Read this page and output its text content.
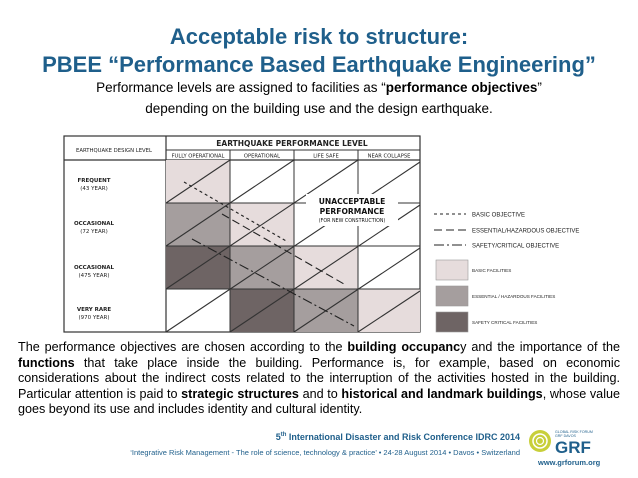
Acceptable risk to structure:
PBEE “Performance Based Earthquake Engineering”
Performance levels are assigned to facilities as “performance objectives”
depending on the building use and the design earthquake.
EARTHQUAKE PERFORMANCE LEVEL
EARTHQUAKE DESIGN LEVEL
FULLY OPERATIONAL	OPERATIONAL	LIFE SAFE	NEAR COLLAPSE
FREQUENT
(43 YEAR)
OCCASIONAL
(72 YEAR)
OCCASIONAL
(475 YEAR)
VERY RARE
(970 YEAR)
UNACCEPTABLE
PERFORMANCE
(FOR NEW CONSTRUCTION)
BASIC OBJECTIVE
ESSENTIAL/HAZARDOUS OBJECTIVE
SAFETY/CRITICAL OBJECTIVE
BASIC FACILITIES
ESSENTIAL / HAZARDOUS FACILITIES
SAFETY CRITICAL FACILITIES
The performance objectives are chosen according to the building occupancy and the importance of the functions that take place inside the building. Performance is, for example, based on economic considerations about the indirect costs related to the interruption of the activities hosted in the building. Particular attention is paid to strategic structures and to historical and landmark buildings, whose value goes beyond its use and includes identity and cultural identity.
5th International Disaster and Risk Conference IDRC 2014
‘Integrative Risk Management - The role of science, technology & practice’ • 24-28 August 2014 • Davos • Switzerland GRF
GLOBAL RISK FORUM
GRF DAVOS
www.grforum.org
